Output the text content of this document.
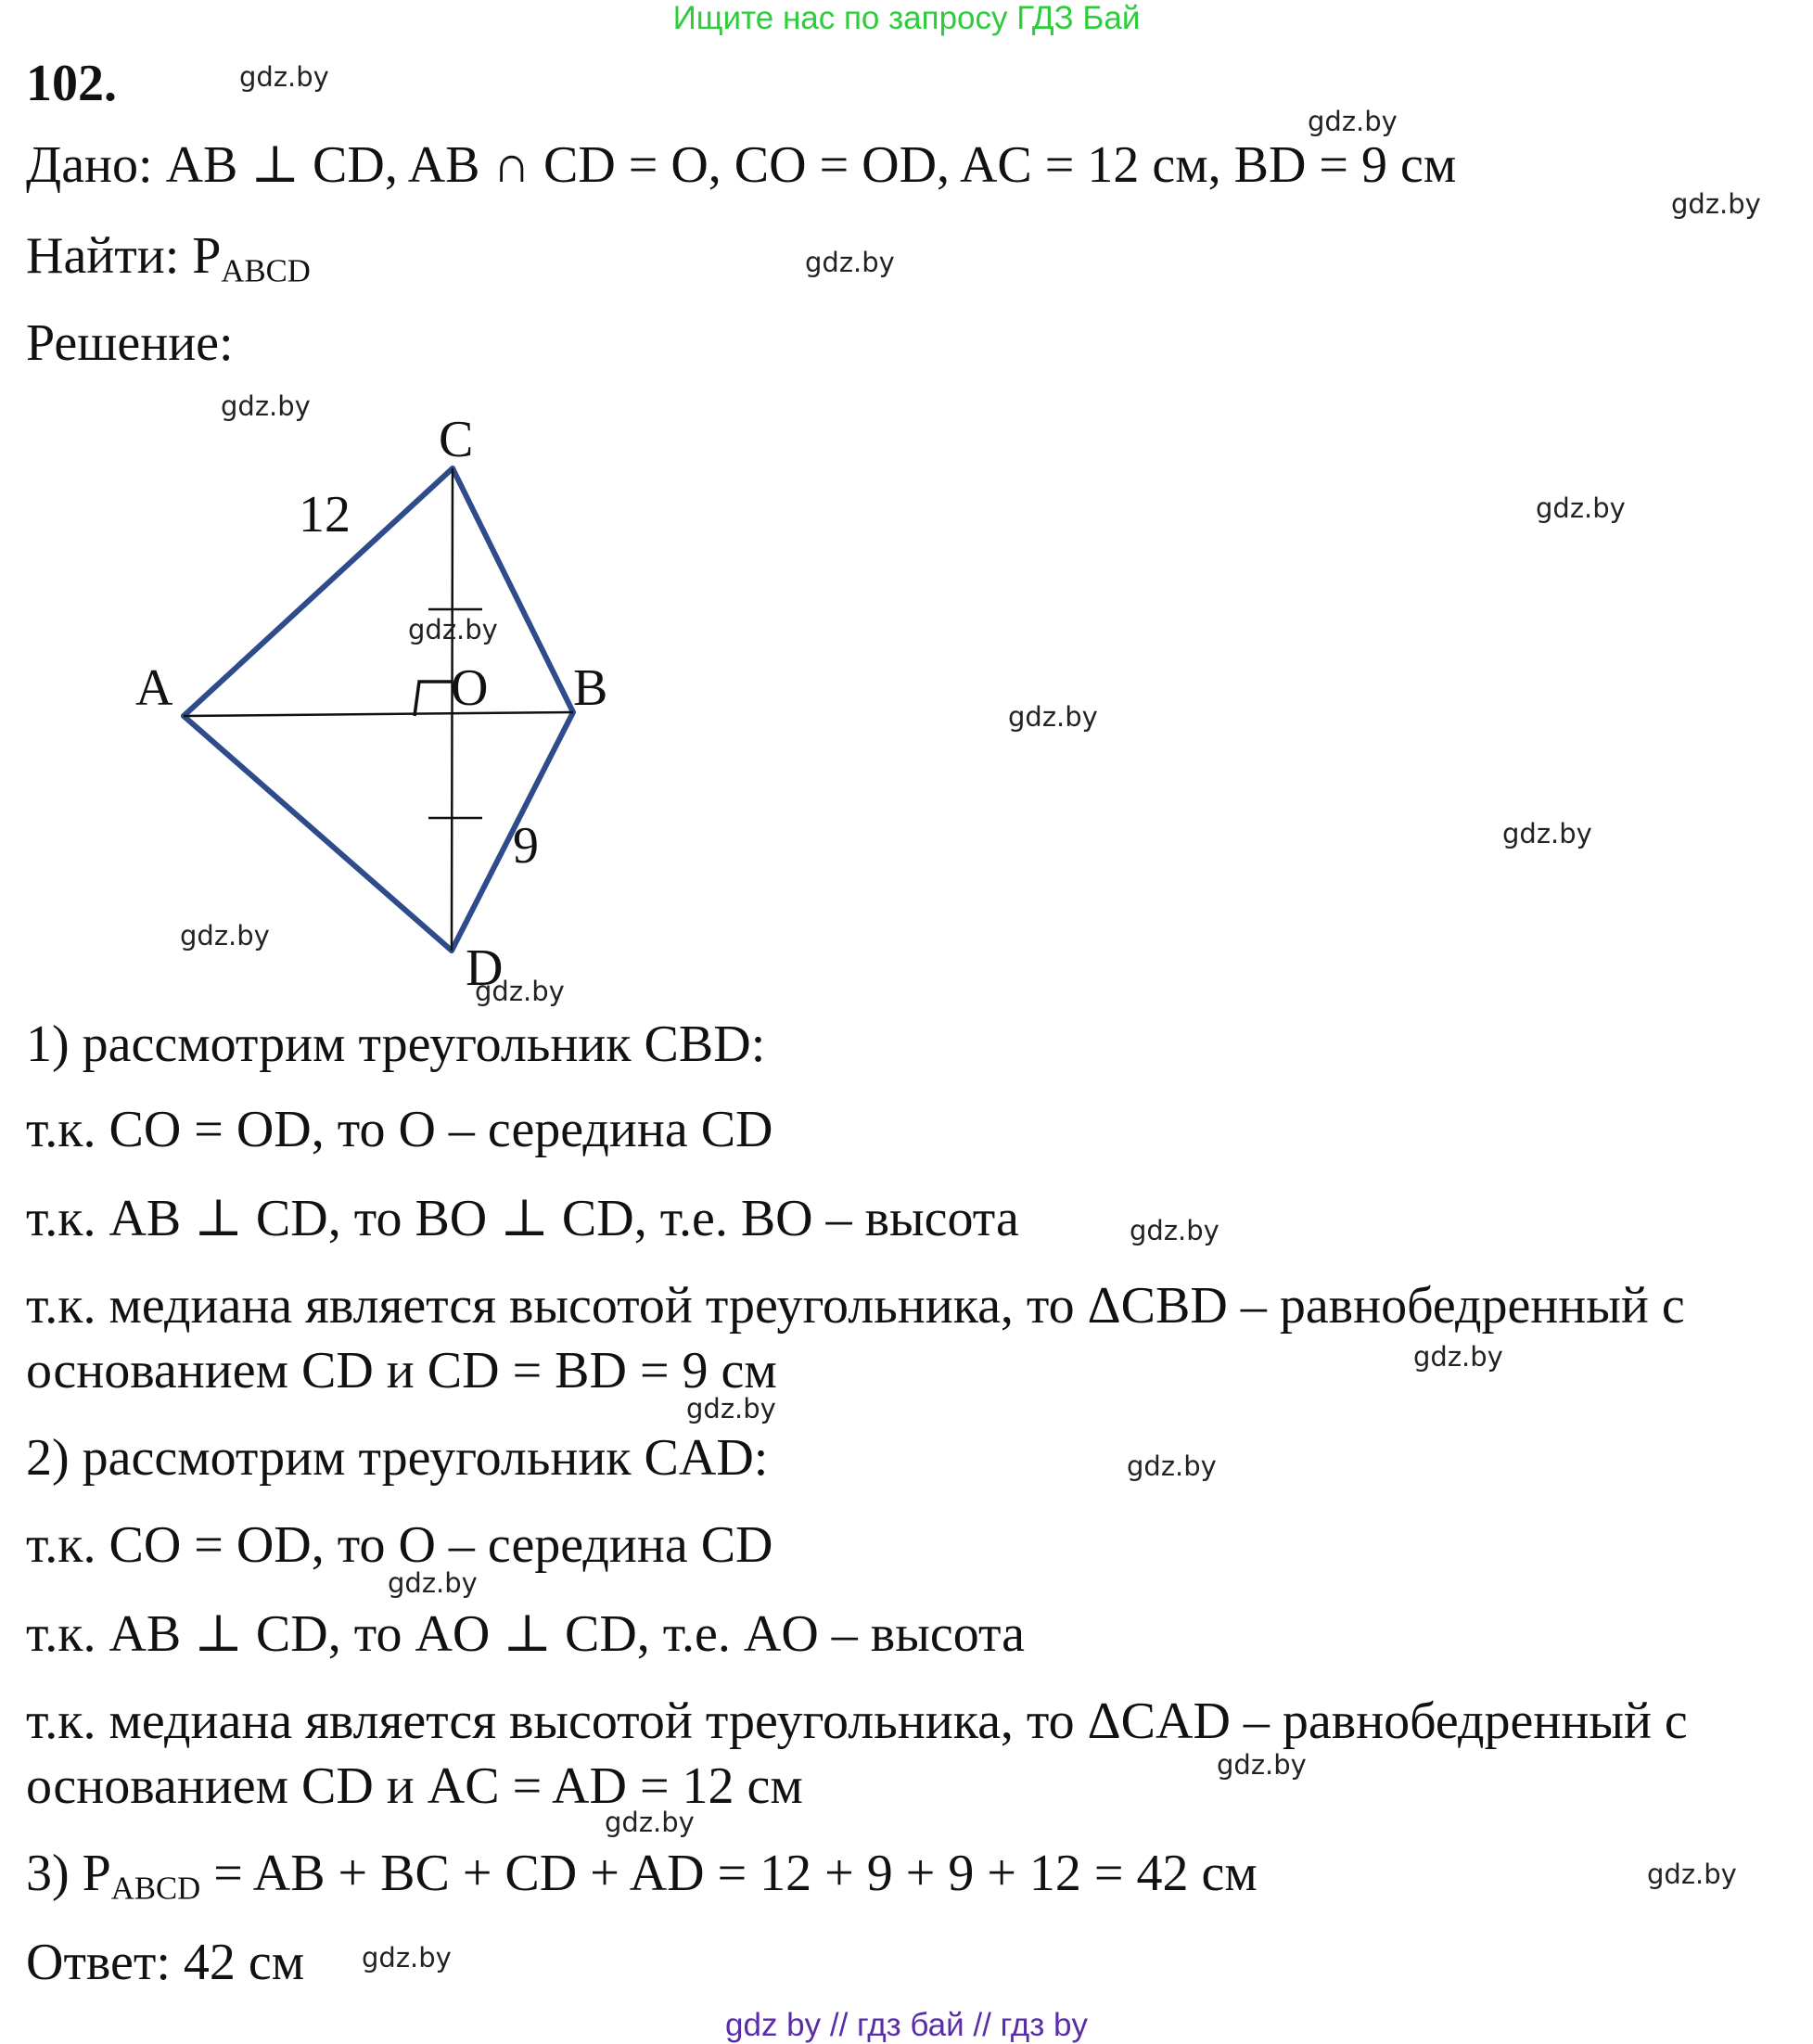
Ищите нас по запросу ГДЗ Бай
102.
Дано: AB ⊥ CD, AB ∩ CD = O, CO = OD, AC = 12 см, BD = 9 см
Найти: $P_{ABCD}$
Решение:
C
A	O B
D
12
9
1) рассмотрим треугольник CBD:
т.к. CO = OD, то O – середина CD
т.к. AB ⊥ CD, то BO ⊥ CD, т.е. BO – высота
т.к. медиана является высотой треугольника, то ΔCBD – равнобедренный с
основанием CD и CD = BD = 9 см
2) рассмотрим треугольник CAD:
т.к. CO = OD, то O – середина CD
т.к. AB ⊥ CD, то AO ⊥ CD, т.е. AO – высота
т.к. медиана является высотой треугольника, то ΔCAD – равнобедренный с
основанием CD и AC = AD = 12 см
3) $P_{ABCD}$ = AB + BC + CD + AD = 12 + 9 + 9 + 12 = 42 см
Ответ: 42 см
gdz.by
gdz.by
gdz.by
gdz.by
gdz.by
gdz.by
gdz.by
gdz.by
gdz.by
gdz.by
gdz.by
gdz.by
gdz.by
gdz.by
gdz.by
gdz.by
gdz.by
gdz.by
gdz.by
gdz.by
gdz by // гдз бай // гдз by
